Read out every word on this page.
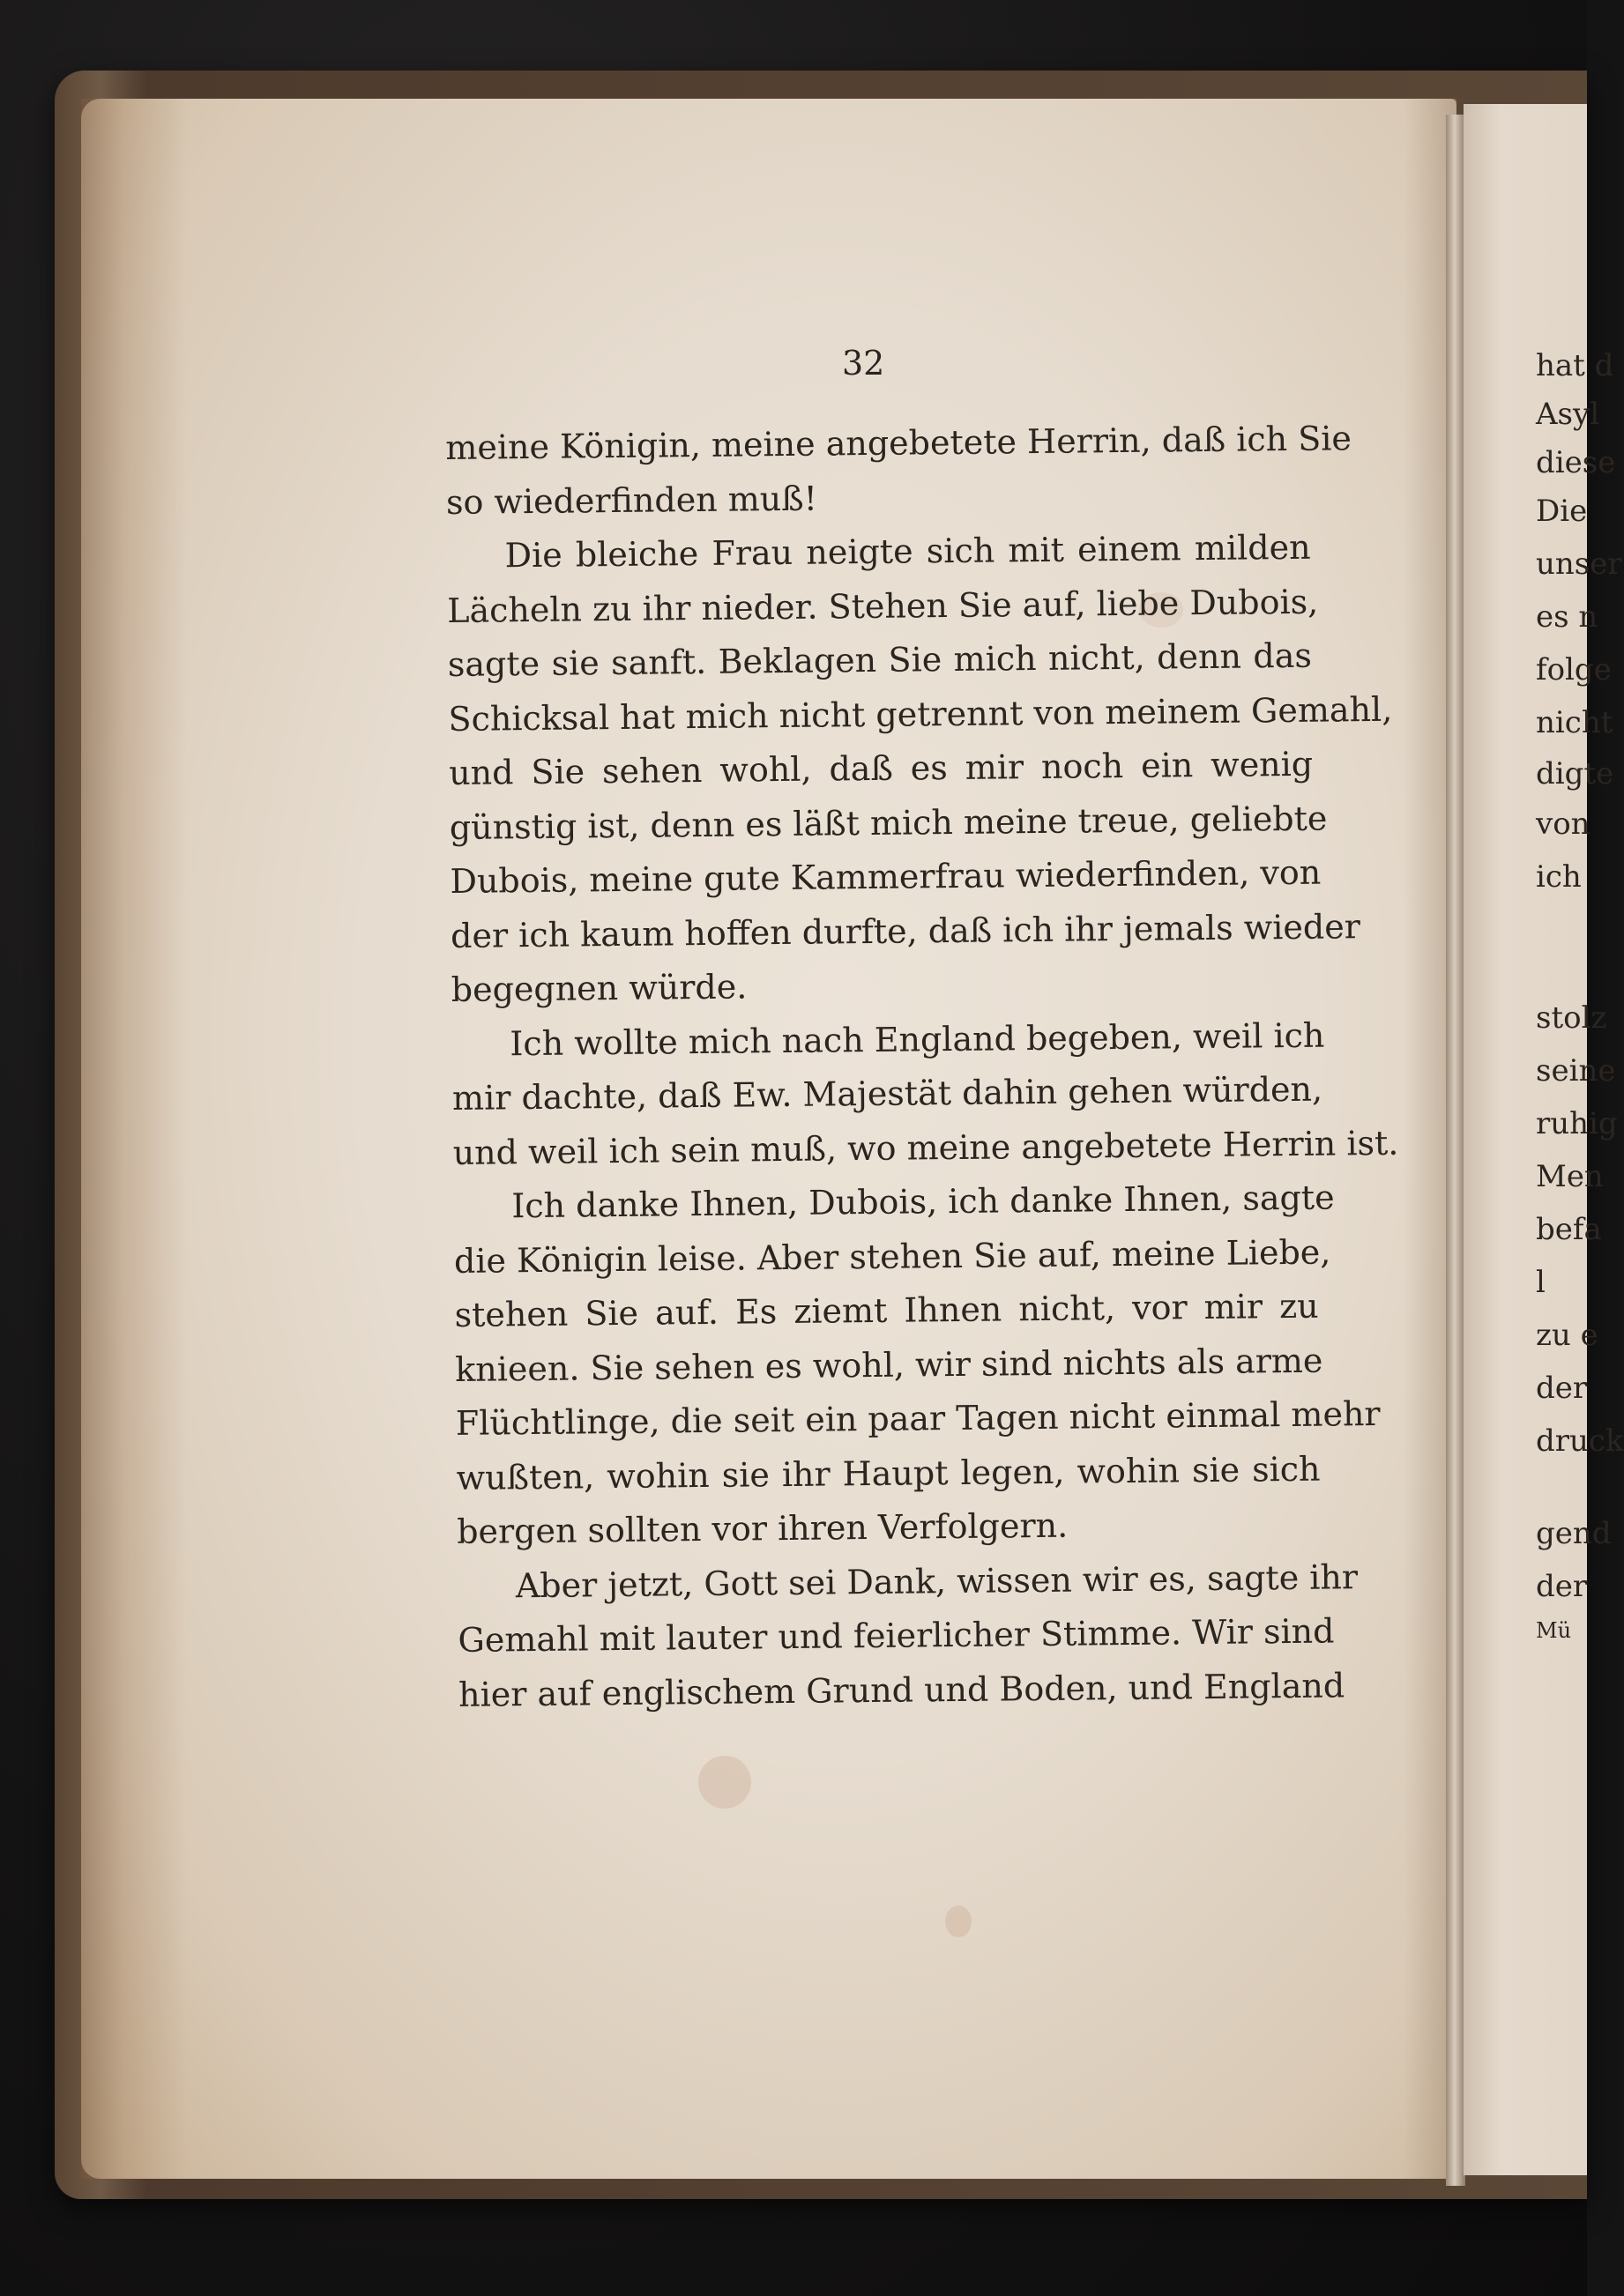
hat d
Asyl
diese
Die
unser
es n
folge
nicht
digte
von
ich
stolz
seine
ruhig
Men
befa
l
zu e
der
druck
gend
der
Mü
32
meine Königin, meine angebetete Herrin, daß ich Sie
so wiederfinden muß!
Die bleiche Frau neigte sich mit einem milden
Lächeln zu ihr nieder. Stehen Sie auf, liebe Dubois,
sagte sie sanft. Beklagen Sie mich nicht, denn das
Schicksal hat mich nicht getrennt von meinem Gemahl,
und Sie sehen wohl, daß es mir noch ein wenig
günstig ist, denn es läßt mich meine treue, geliebte
Dubois, meine gute Kammerfrau wiederfinden, von
der ich kaum hoffen durfte, daß ich ihr jemals wieder
begegnen würde.
Ich wollte mich nach England begeben, weil ich
mir dachte, daß Ew. Majestät dahin gehen würden,
und weil ich sein muß, wo meine angebetete Herrin ist.
Ich danke Ihnen, Dubois, ich danke Ihnen, sagte
die Königin leise. Aber stehen Sie auf, meine Liebe,
stehen Sie auf. Es ziemt Ihnen nicht, vor mir zu
knieen. Sie sehen es wohl, wir sind nichts als arme
Flüchtlinge, die seit ein paar Tagen nicht einmal mehr
wußten, wohin sie ihr Haupt legen, wohin sie sich
bergen sollten vor ihren Verfolgern.
Aber jetzt, Gott sei Dank, wissen wir es, sagte ihr
Gemahl mit lauter und feierlicher Stimme. Wir sind
hier auf englischem Grund und Boden, und England
